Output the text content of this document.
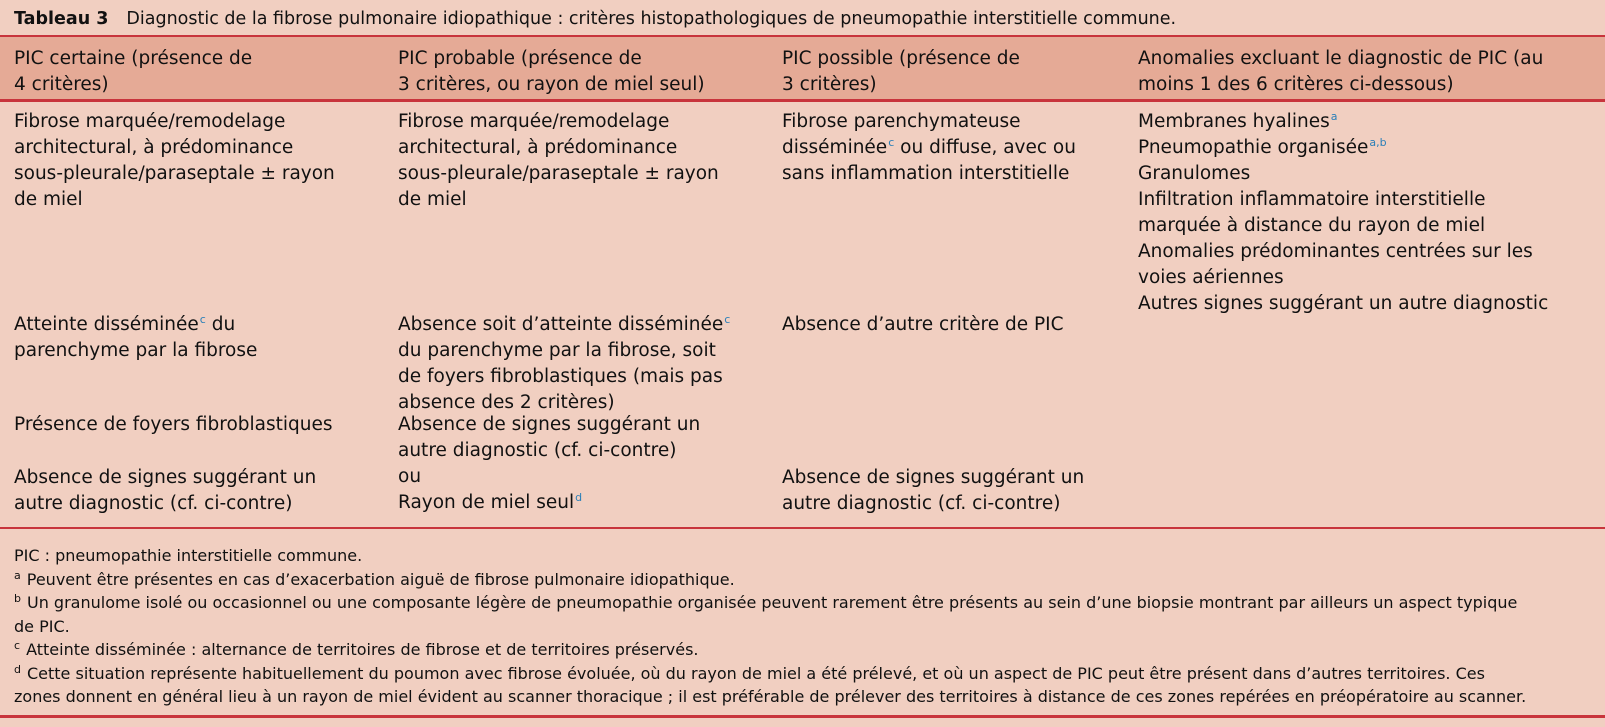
Tableau 3 Diagnostic de la fibrose pulmonaire idiopathique : critères histopathologiques de pneumopathie interstitielle commune.
PIC certaine (présence de
4 critères)
PIC probable (présence de
3 critères, ou rayon de miel seul)
PIC possible (présence de
3 critères)
Anomalies excluant le diagnostic de PIC (au
moins 1 des 6 critères ci-dessous)
Fibrose marquée/remodelage
architectural, à prédominance
sous-pleurale/paraseptale ± rayon
de miel
Atteinte disséminée$^c$ du
parenchyme par la fibrose
Présence de foyers fibroblastiques
Absence de signes suggérant un
autre diagnostic (cf. ci-contre)
Fibrose marquée/remodelage
architectural, à prédominance
sous-pleurale/paraseptale ± rayon
de miel
Absence soit d’atteinte disséminée$^c$
du parenchyme par la fibrose, soit
de foyers fibroblastiques (mais pas
absence des 2 critères)
Absence de signes suggérant un
autre diagnostic (cf. ci-contre)
ou
Rayon de miel seul$^d$
Fibrose parenchymateuse
disséminée$^c$ ou diffuse, avec ou
sans inflammation interstitielle
Absence d’autre critère de PIC
Absence de signes suggérant un
autre diagnostic (cf. ci-contre)
Membranes hyalines$^a$
Pneumopathie organisée$^{a,b}$
Granulomes
Infiltration inflammatoire interstitielle
marquée à distance du rayon de miel
Anomalies prédominantes centrées sur les
voies aériennes
Autres signes suggérant un autre diagnostic
PIC : pneumopathie interstitielle commune.
$^a$ Peuvent être présentes en cas d’exacerbation aiguë de fibrose pulmonaire idiopathique.
$^b$ Un granulome isolé ou occasionnel ou une composante légère de pneumopathie organisée peuvent rarement être présents au sein d’une biopsie montrant par ailleurs un aspect typique
de PIC.
$^c$ Atteinte disséminée : alternance de territoires de fibrose et de territoires préservés.
$^d$ Cette situation représente habituellement du poumon avec fibrose évoluée, où du rayon de miel a été prélevé, et où un aspect de PIC peut être présent dans d’autres territoires. Ces
zones donnent en général lieu à un rayon de miel évident au scanner thoracique ; il est préférable de prélever des territoires à distance de ces zones repérées en préopératoire au scanner.
